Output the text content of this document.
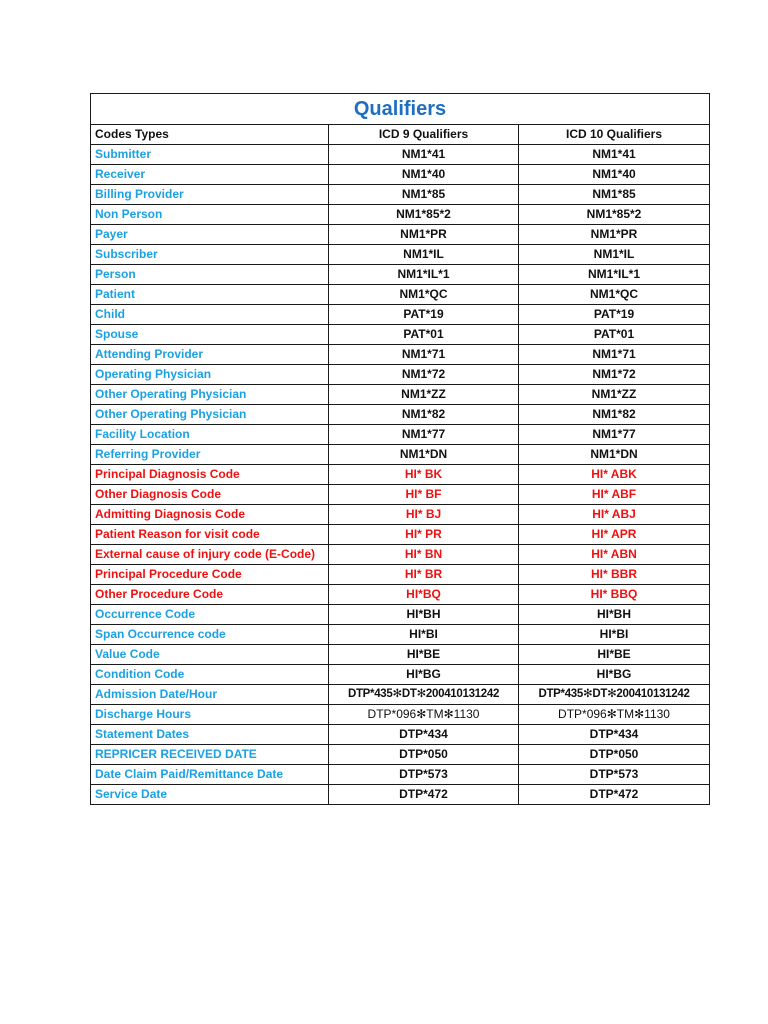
Qualifiers		
Codes Types	ICD 9 Qualifiers	ICD 10 Qualifiers
Submitter	NM1*41	NM1*41
Receiver	NM1*40	NM1*40
Billing Provider	NM1*85	NM1*85
Non Person	NM1*85*2	NM1*85*2
Payer	NM1*PR	NM1*PR
Subscriber	NM1*IL	NM1*IL
Person	NM1*IL*1	NM1*IL*1
Patient	NM1*QC	NM1*QC
Child	PAT*19	PAT*19
Spouse	PAT*01	PAT*01
Attending Provider	NM1*71	NM1*71
Operating Physician	NM1*72	NM1*72
Other Operating Physician	NM1*ZZ	NM1*ZZ
Other Operating Physician	NM1*82	NM1*82
Facility Location	NM1*77	NM1*77
Referring Provider	NM1*DN	NM1*DN
Principal Diagnosis Code	HI* BK	HI* ABK
Other Diagnosis Code	HI* BF	HI* ABF
Admitting Diagnosis Code	HI* BJ	HI* ABJ
Patient Reason for visit code	HI* PR	HI* APR
External cause of injury code (E-Code)	HI* BN	HI* ABN
Principal Procedure Code	HI* BR	HI* BBR
Other Procedure Code	HI*BQ	HI* BBQ
Occurrence Code	HI*BH	HI*BH
Span Occurrence code	HI*BI	HI*BI
Value Code	HI*BE	HI*BE
Condition Code	HI*BG	HI*BG
Admission Date/Hour	DTP*435✻DT✻200410131242	DTP*435✻DT✻200410131242
Discharge Hours	DTP*096✻TM✻1130	DTP*096✻TM✻1130
Statement Dates	DTP*434	DTP*434
REPRICER RECEIVED DATE	DTP*050	DTP*050
Date Claim Paid/Remittance Date	DTP*573	DTP*573
Service Date	DTP*472	DTP*472
